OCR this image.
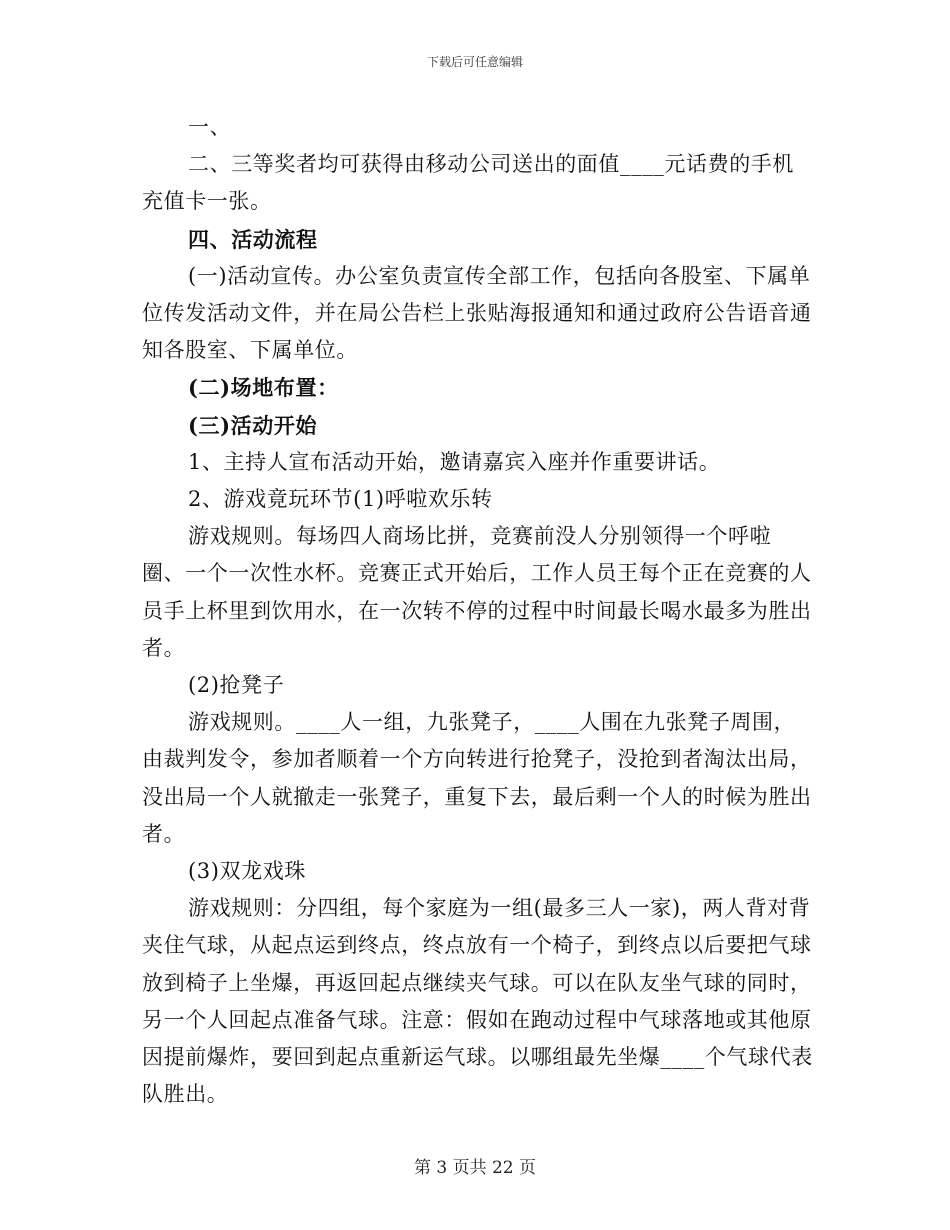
下载后可任意编辑

一、

二、三等奖者均可获得由移动公司送出的面值____元话费的手机充值卡一张。

四、活动流程

(一)活动宣传。办公室负责宣传全部工作，包括向各股室、下属单位传发活动文件，并在局公告栏上张贴海报通知和通过政府公告语音通知各股室、下属单位。

(二)场地布置：

(三)活动开始

1、主持人宣布活动开始，邀请嘉宾入座并作重要讲话。

2、游戏竟玩环节(1)呼啦欢乐转

游戏规则。每场四人商场比拼，竞赛前没人分别领得一个呼啦圈、一个一次性水杯。竞赛正式开始后，工作人员王每个正在竞赛的人员手上杯里到饮用水，在一次转不停的过程中时间最长喝水最多为胜出者。

(2)抢凳子

游戏规则。____人一组，九张凳子，____人围在九张凳子周围，由裁判发令，参加者顺着一个方向转进行抢凳子，没抢到者淘汰出局，没出局一个人就撤走一张凳子，重复下去，最后剩一个人的时候为胜出者。

(3)双龙戏珠

游戏规则：分四组，每个家庭为一组(最多三人一家)，两人背对背夹住气球，从起点运到终点，终点放有一个椅子，到终点以后要把气球放到椅子上坐爆，再返回起点继续夹气球。可以在队友坐气球的同时，另一个人回起点准备气球。注意：假如在跑动过程中气球落地或其他原因提前爆炸，要回到起点重新运气球。以哪组最先坐爆____个气球代表队胜出。

第 3 页共 22 页
